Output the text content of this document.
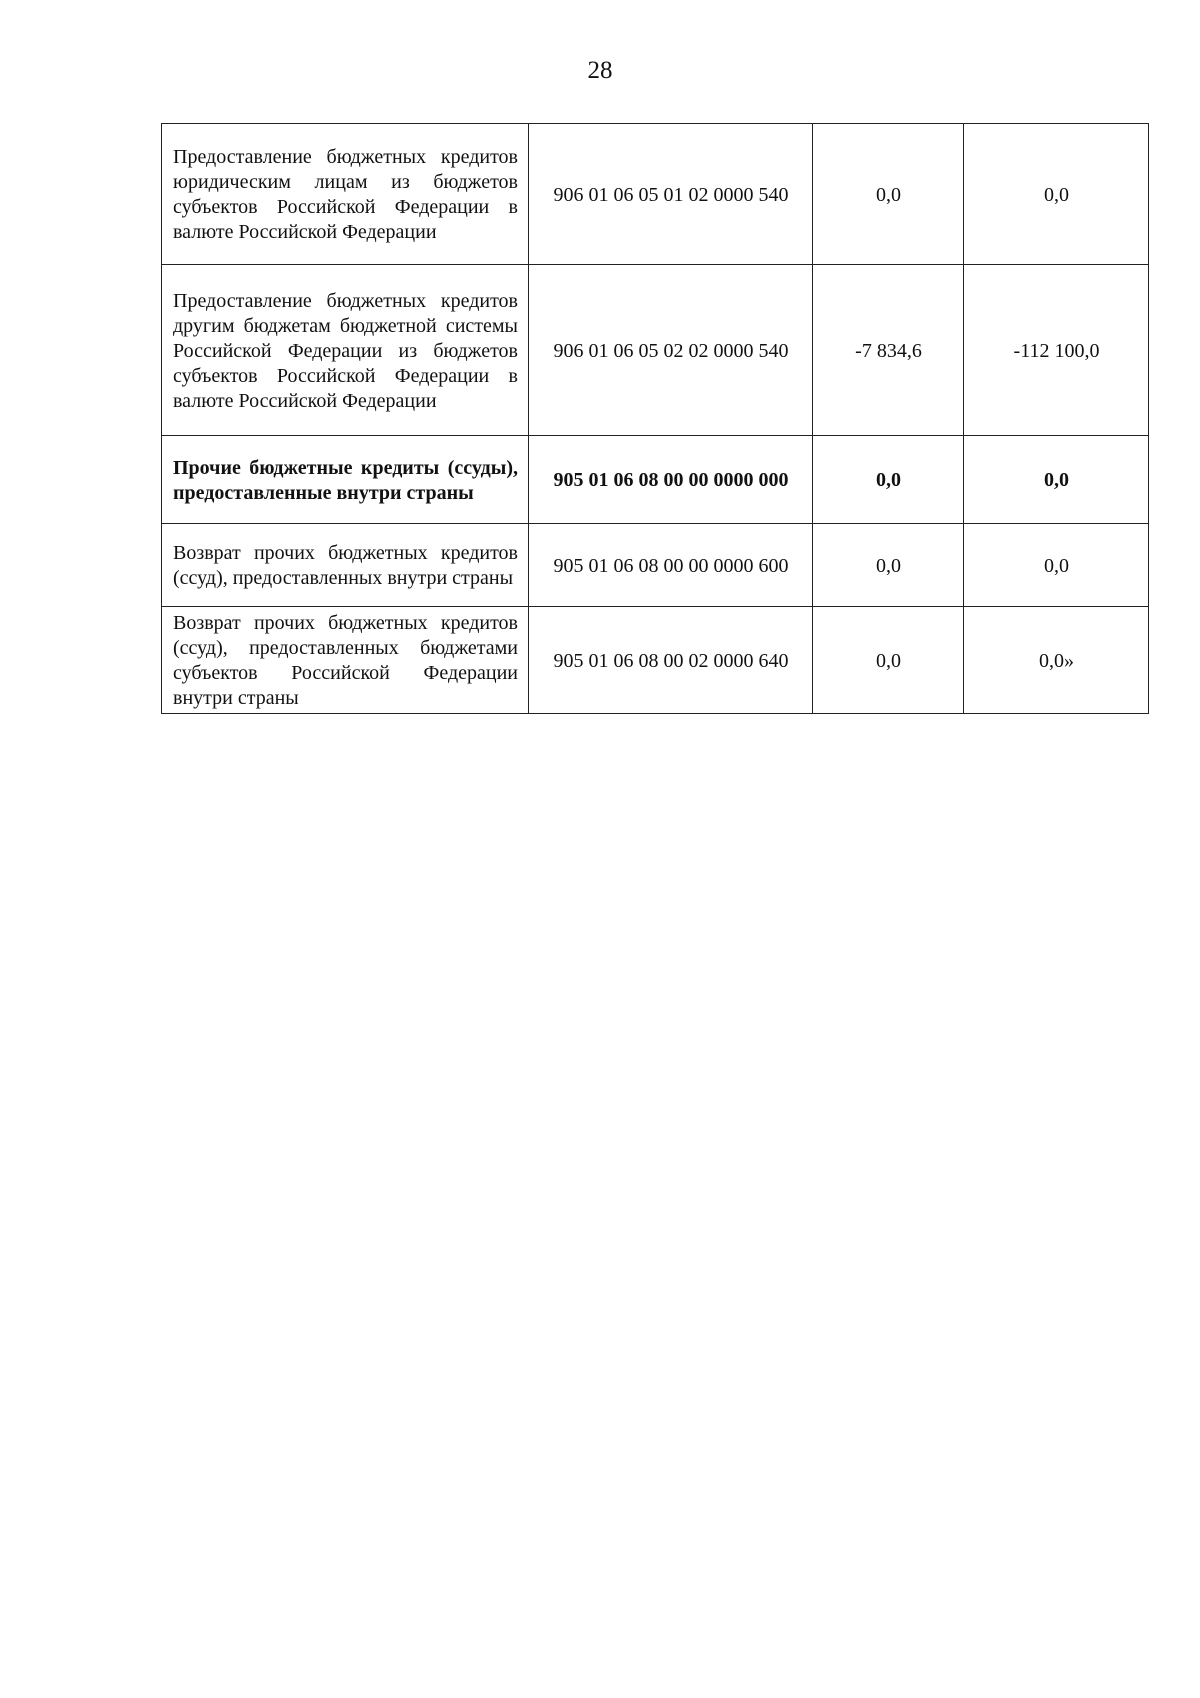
28
Предоставление бюджетных кредитов юридическим лицам из бюджетов субъектов Российской Федерации в валюте Российской Федерации	906 01 06 05 01 02 0000 540	0,0	0,0
Предоставление бюджетных кредитов другим бюджетам бюджетной системы Российской Федерации из бюджетов субъектов Российской Федерации в валюте Российской Федерации	906 01 06 05 02 02 0000 540	-7 834,6	-112 100,0
Прочие бюджетные кредиты (ссуды), предоставленные внутри страны	905 01 06 08 00 00 0000 000	0,0	0,0
Возврат прочих бюджетных кредитов (ссуд), предоставленных внутри страны	905 01 06 08 00 00 0000 600	0,0	0,0
Возврат прочих бюджетных кредитов (ссуд), предоставленных бюджетами субъектов Российской Федерации внутри страны	905 01 06 08 00 02 0000 640	0,0	0,0»
